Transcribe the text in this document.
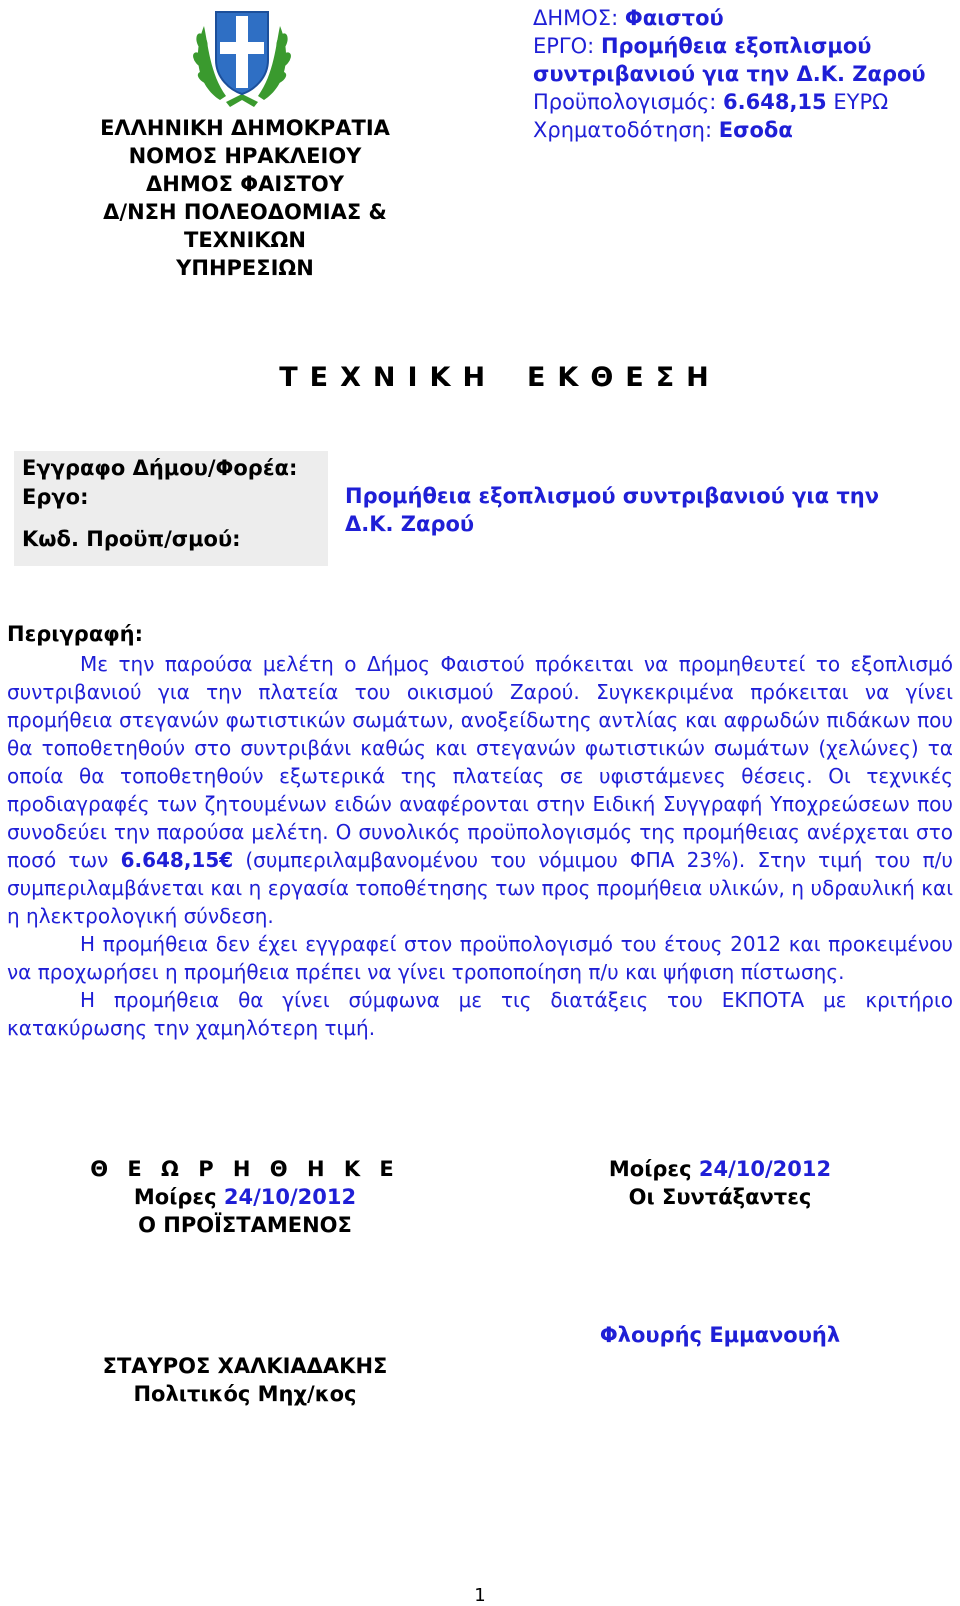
ΕΛΛΗΝΙΚΗ ΔΗΜΟΚΡΑΤΙΑ
ΝΟΜΟΣ ΗΡΑΚΛΕΙΟΥ
ΔΗΜΟΣ ΦΑΙΣΤΟΥ
Δ/ΝΣΗ ΠΟΛΕΟΔΟΜΙΑΣ & ΤΕΧΝΙΚΩΝ
ΥΠΗΡΕΣΙΩΝ
ΔΗΜΟΣ: Φαιστού
ΕΡΓΟ: Προμήθεια εξοπλισμού
συντριβανιού για την Δ.Κ. Ζαρού
Προϋπολογισμός: 6.648,15 ΕΥΡΩ
Χρηματοδότηση: Εσοδα
ΤΕΧΝΙΚΗ ΕΚΘΕΣΗ
Εγγραφο Δήμου/Φορέα:
Εργο:
Κωδ. Προϋπ/σμού:
Προμήθεια εξοπλισμού συντριβανιού για την
Δ.Κ. Ζαρού
Περιγραφή:

Με την παρούσα μελέτη ο Δήμος Φαιστού πρόκειται να προμηθευτεί το εξοπλισμό συντριβανιού για την πλατεία του οικισμού Ζαρού. Συγκεκριμένα πρόκειται να γίνει προμήθεια στεγανών φωτιστικών σωμάτων, ανοξείδωτης αντλίας και αφρωδών πιδάκων που θα τοποθετηθούν στο συντριβάνι καθώς και στεγανών φωτιστικών σωμάτων (χελώνες) τα οποία θα τοποθετηθούν εξωτερικά της πλατείας σε υφιστάμενες θέσεις. Οι τεχνικές προδιαγραφές των ζητουμένων ειδών αναφέρονται στην Ειδική Συγγραφή Υποχρεώσεων που συνοδεύει την παρούσα μελέτη. Ο συνολικός προϋπολογισμός της προμήθειας ανέρχεται στο ποσό των 6.648,15€ (συμπεριλαμβανομένου του νόμιμου ΦΠΑ 23%). Στην τιμή του π/υ συμπεριλαμβάνεται και η εργασία τοποθέτησης των προς προμήθεια υλικών, η υδραυλική και η ηλεκτρολογική σύνδεση.

Η προμήθεια δεν έχει εγγραφεί στον προϋπολογισμό του έτους 2012 και προκειμένου να προχωρήσει η προμήθεια πρέπει να γίνει τροποποίηση π/υ και ψήφιση πίστωσης.

Η προμήθεια θα γίνει σύμφωνα με τις διατάξεις του ΕΚΠΟΤΑ με κριτήριο κατακύρωσης την χαμηλότερη τιμή.

Θ Ε Ω Ρ Η Θ Η Κ Ε
Μοίρες 24/10/2012
Ο ΠΡΟΪΣΤΑΜΕΝΟΣ
Μοίρες 24/10/2012
Οι Συντάξαντες
ΣΤΑΥΡΟΣ ΧΑΛΚΙΑΔΑΚΗΣ
Πολιτικός Μηχ/κος
Φλουρής Εμμανουήλ
1
